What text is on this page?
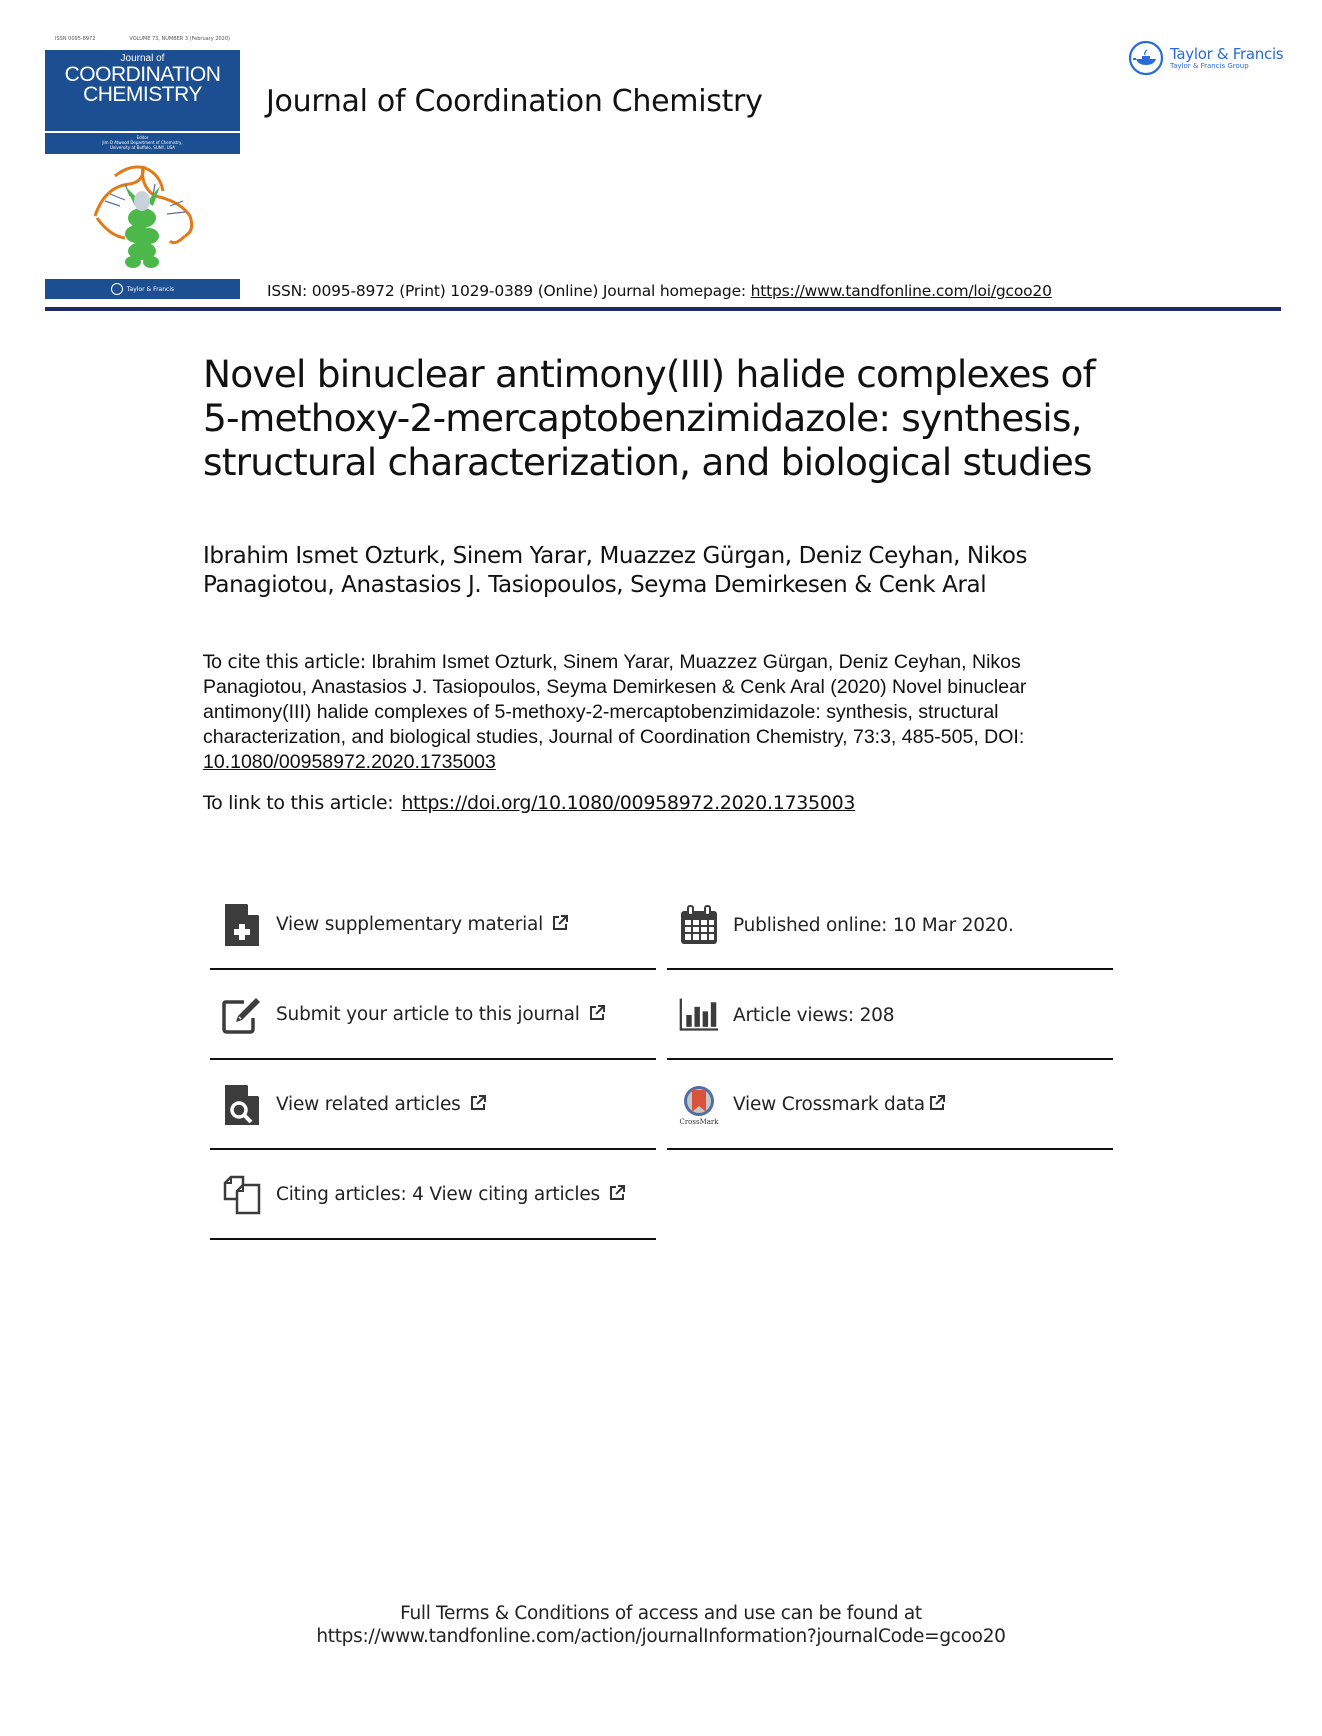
ISSN 0095-8972	VOLUME 73, NUMBER 3 (February 2020)
Journal of
COORDINATION
CHEMISTRY
Editor
Jim D Atwood Department of Chemistry,
University at Buffalo, SUNY, USA
Taylor & Francis
Journal of Coordination Chemistry
Taylor & Francis
Taylor & Francis Group
ISSN: 0095-8972 (Print) 1029-0389 (Online) Journal homepage: https://www.tandfonline.com/loi/gcoo20
Novel binuclear antimony(III) halide complexes of 5-methoxy-2-mercaptobenzimidazole: synthesis, structural characterization, and biological studies
Ibrahim Ismet Ozturk, Sinem Yarar, Muazzez Gürgan, Deniz Ceyhan, Nikos Panagiotou, Anastasios J. Tasiopoulos, Seyma Demirkesen & Cenk Aral
To cite this article: Ibrahim Ismet Ozturk, Sinem Yarar, Muazzez Gürgan, Deniz Ceyhan, Nikos Panagiotou, Anastasios J. Tasiopoulos, Seyma Demirkesen & Cenk Aral (2020) Novel binuclear antimony(III) halide complexes of 5-methoxy-2-mercaptobenzimidazole: synthesis, structural characterization, and biological studies, Journal of Coordination Chemistry, 73:3, 485-505, DOI: 10.1080/00958972.2020.1735003
To link to this article: https://doi.org/10.1080/00958972.2020.1735003
View supplementary material
Submit your article to this journal
View related articles
Citing articles: 4 View citing articles
Published online: 10 Mar 2020.
Article views: 208
CrossMark
View Crossmark data
Full Terms & Conditions of access and use can be found at
https://www.tandfonline.com/action/journalInformation?journalCode=gcoo20
